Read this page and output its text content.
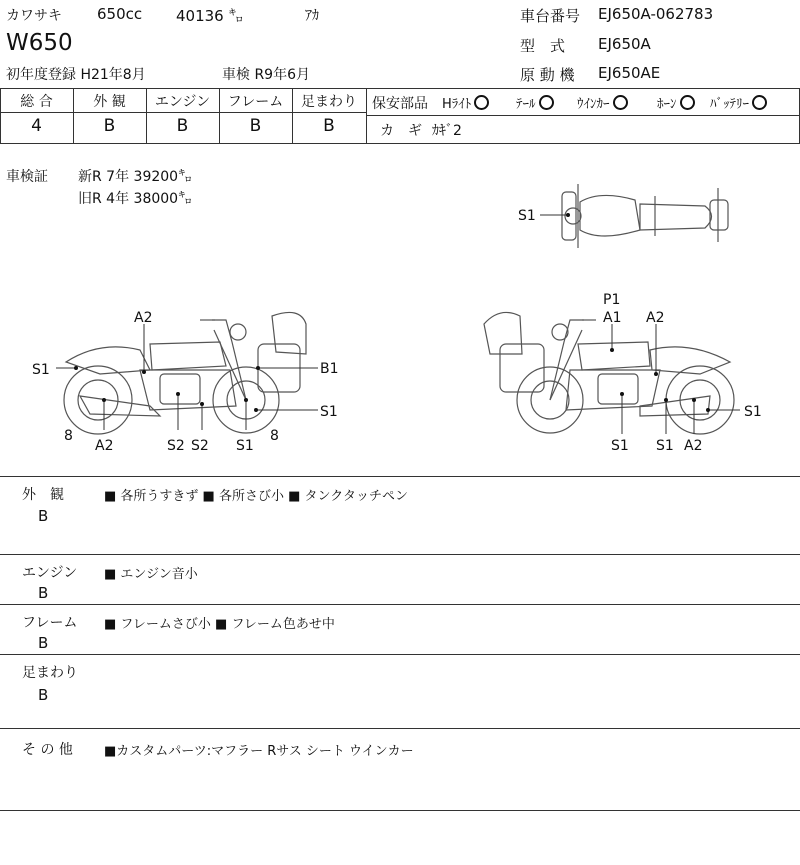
カワサキ 650cc 40136 ㌔	ｱｶ
W650
初年度登録 H21年8月	車検 R9年6月
車台番号 EJ650A-062783
型　式 EJ650A
原 動 機 EJ650AE
総 合	外 観	エンジン	フレーム	足まわり
4	B	B	B	B
保安部品 Hﾗｲﾄ	ﾃｰﾙ	ｳｲﾝｶｰ	ﾎｰﾝ	ﾊﾞｯﾃﾘｰ
カ　ギ ｶｷﾞ2
車検証 新R 7年 39200㌔
旧R 4年 38000㌔
S1
A2
S1	B1
S1
8
A2	S2 S2 S1
8
P1
A1 A2
S1
S1 S1 A2
外　観
B
■ 各所うすきず ■ 各所さび小 ■ タンクタッチペン
エンジン
B
■ エンジン音小
フレーム
B
■ フレームさび小 ■ フレーム色あせ中
足まわり
B
そ の 他 ■カスタムパーツ:マフラー Rサス シート ウインカー
